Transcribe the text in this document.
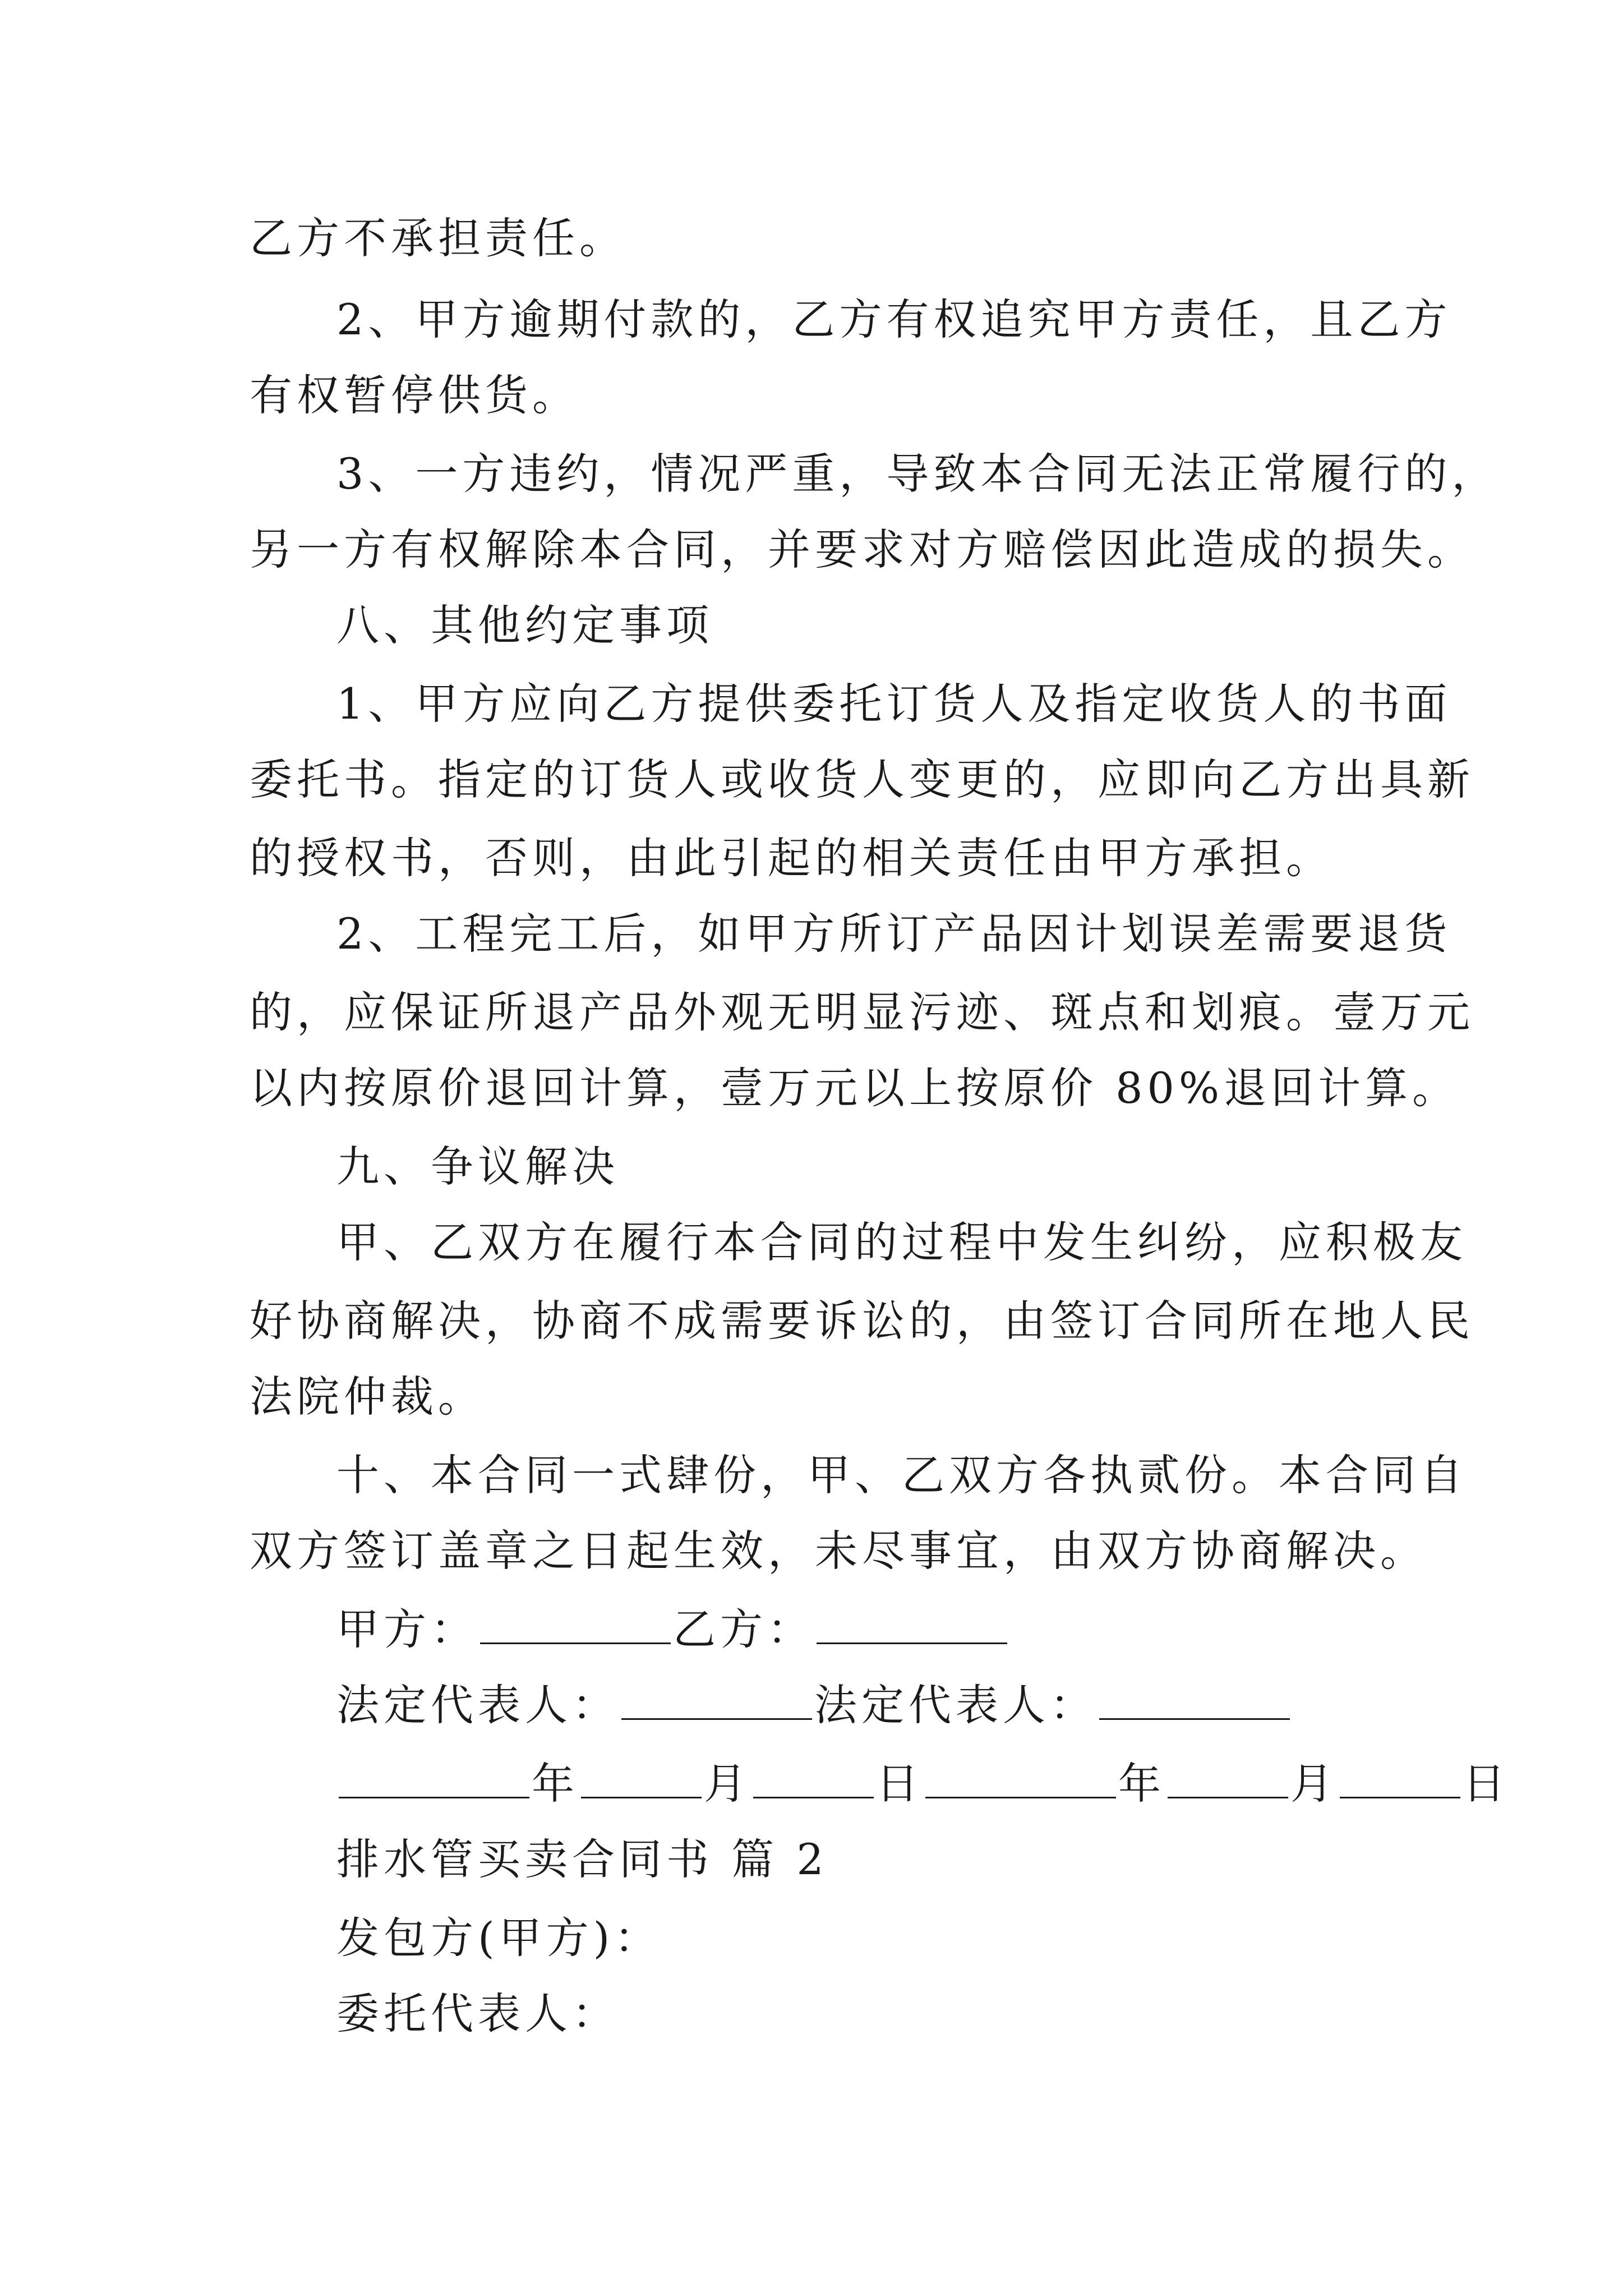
乙方不承担责任。
2、甲方逾期付款的，乙方有权追究甲方责任，且乙方
有权暂停供货。
3、一方违约，情况严重，导致本合同无法正常履行的，
另一方有权解除本合同，并要求对方赔偿因此造成的损失。
八、其他约定事项
1、甲方应向乙方提供委托订货人及指定收货人的书面
委托书。指定的订货人或收货人变更的，应即向乙方出具新
的授权书，否则，由此引起的相关责任由甲方承担。
2、工程完工后，如甲方所订产品因计划误差需要退货
的，应保证所退产品外观无明显污迹、斑点和划痕。壹万元
以内按原价退回计算，壹万元以上按原价 80%退回计算。
九、争议解决
甲、乙双方在履行本合同的过程中发生纠纷，应积极友
好协商解决，协商不成需要诉讼的，由签订合同所在地人民
法院仲裁。
十、本合同一式肆份，甲、乙双方各执贰份。本合同自
双方签订盖章之日起生效，未尽事宜，由双方协商解决。
甲方：	乙方：
法定代表人：	法定代表人：
年	月	日	年	月	日
排水管买卖合同书 篇 2
发包方(甲方)：
委托代表人：
